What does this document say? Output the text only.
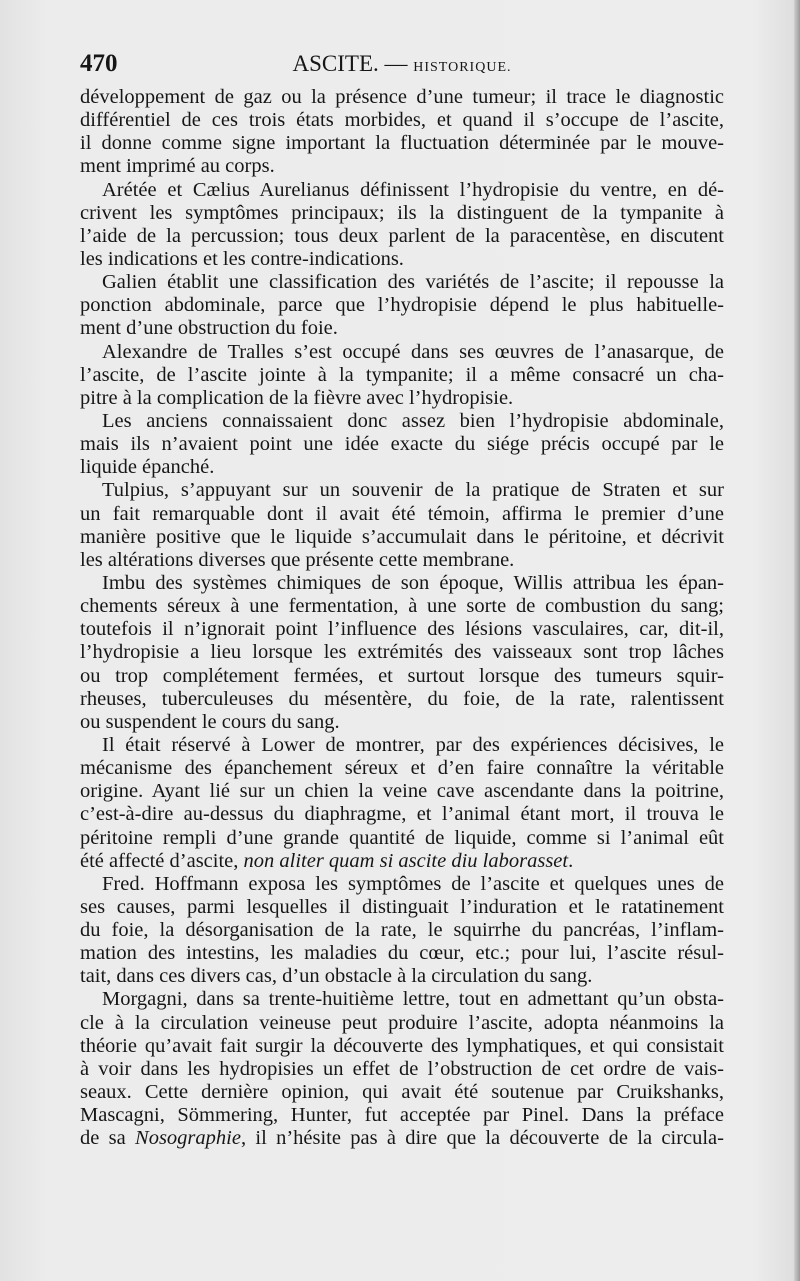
470	ASCITE. — HISTORIQUE.
développement de gaz ou la présence d’une tumeur; il trace le diagnostic
différentiel de ces trois états morbides, et quand il s’occupe de l’ascite,
il donne comme signe important la fluctuation déterminée par le mouve-
ment imprimé au corps.
Arétée et Cælius Aurelianus définissent l’hydropisie du ventre, en dé-
crivent les symptômes principaux; ils la distinguent de la tympanite à
l’aide de la percussion; tous deux parlent de la paracentèse, en discutent
les indications et les contre-indications.
Galien établit une classification des variétés de l’ascite; il repousse la
ponction abdominale, parce que l’hydropisie dépend le plus habituelle-
ment d’une obstruction du foie.
Alexandre de Tralles s’est occupé dans ses œuvres de l’anasarque, de
l’ascite, de l’ascite jointe à la tympanite; il a même consacré un cha-
pitre à la complication de la fièvre avec l’hydropisie.
Les anciens connaissaient donc assez bien l’hydropisie abdominale,
mais ils n’avaient point une idée exacte du siége précis occupé par le
liquide épanché.
Tulpius, s’appuyant sur un souvenir de la pratique de Straten et sur
un fait remarquable dont il avait été témoin, affirma le premier d’une
manière positive que le liquide s’accumulait dans le péritoine, et décrivit
les altérations diverses que présente cette membrane.
Imbu des systèmes chimiques de son époque, Willis attribua les épan-
chements séreux à une fermentation, à une sorte de combustion du sang;
toutefois il n’ignorait point l’influence des lésions vasculaires, car, dit-il,
l’hydropisie a lieu lorsque les extrémités des vaisseaux sont trop lâches
ou trop complétement fermées, et surtout lorsque des tumeurs squir-
rheuses, tuberculeuses du mésentère, du foie, de la rate, ralentissent
ou suspendent le cours du sang.
Il était réservé à Lower de montrer, par des expériences décisives, le
mécanisme des épanchement séreux et d’en faire connaître la véritable
origine. Ayant lié sur un chien la veine cave ascendante dans la poitrine,
c’est-à-dire au-dessus du diaphragme, et l’animal étant mort, il trouva le
péritoine rempli d’une grande quantité de liquide, comme si l’animal eût
été affecté d’ascite, non aliter quam si ascite diu laborasset.
Fred. Hoffmann exposa les symptômes de l’ascite et quelques unes de
ses causes, parmi lesquelles il distinguait l’induration et le ratatinement
du foie, la désorganisation de la rate, le squirrhe du pancréas, l’inflam-
mation des intestins, les maladies du cœur, etc.; pour lui, l’ascite résul-
tait, dans ces divers cas, d’un obstacle à la circulation du sang.
Morgagni, dans sa trente-huitième lettre, tout en admettant qu’un obsta-
cle à la circulation veineuse peut produire l’ascite, adopta néanmoins la
théorie qu’avait fait surgir la découverte des lymphatiques, et qui consistait
à voir dans les hydropisies un effet de l’obstruction de cet ordre de vais-
seaux. Cette dernière opinion, qui avait été soutenue par Cruikshanks,
Mascagni, Sömmering, Hunter, fut acceptée par Pinel. Dans la préface
de sa Nosographie, il n’hésite pas à dire que la découverte de la circula-
